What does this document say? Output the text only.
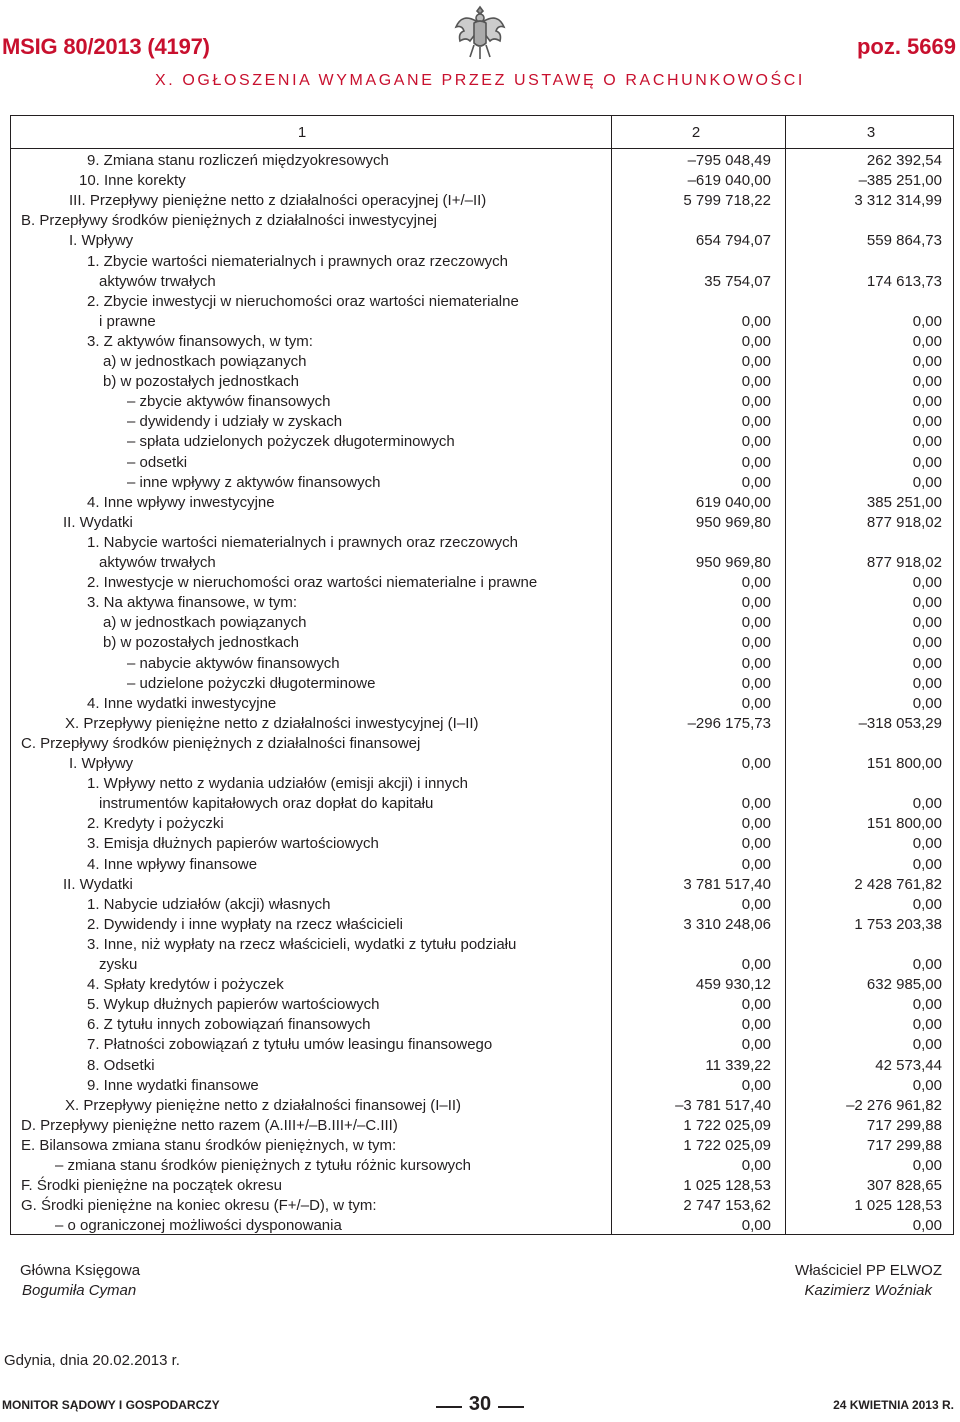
MSIG 80/2013 (4197)	poz. 5669
X. OGŁOSZENIA WYMAGANE PRZEZ USTAWĘ O RACHUNKOWOŚCI
1	2	3
9. Zmiana stanu rozliczeń międzyokresowych	–795 048,49	262 392,54
10. Inne korekty	–619 040,00	–385 251,00
III. Przepływy pieniężne netto z działalności operacyjnej (I+/–II)	5 799 718,22	3 312 314,99
B. Przepływy środków pieniężnych z działalności inwestycyjnej
I. Wpływy	654 794,07	559 864,73
1. Zbycie wartości niematerialnych i prawnych oraz rzeczowych
aktywów trwałych	35 754,07	174 613,73
2. Zbycie inwestycji w nieruchomości oraz wartości niematerialne
i prawne	0,00	0,00
3. Z aktywów finansowych, w tym:	0,00	0,00
a) w jednostkach powiązanych	0,00	0,00
b) w pozostałych jednostkach	0,00	0,00
– zbycie aktywów finansowych	0,00	0,00
– dywidendy i udziały w zyskach	0,00	0,00
– spłata udzielonych pożyczek długoterminowych	0,00	0,00
– odsetki	0,00	0,00
– inne wpływy z aktywów finansowych	0,00	0,00
4. Inne wpływy inwestycyjne	619 040,00	385 251,00
II. Wydatki	950 969,80	877 918,02
1. Nabycie wartości niematerialnych i prawnych oraz rzeczowych
aktywów trwałych	950 969,80	877 918,02
2. Inwestycje w nieruchomości oraz wartości niematerialne i prawne	0,00	0,00
3. Na aktywa finansowe, w tym:	0,00	0,00
a) w jednostkach powiązanych	0,00	0,00
b) w pozostałych jednostkach	0,00	0,00
– nabycie aktywów finansowych	0,00	0,00
– udzielone pożyczki długoterminowe	0,00	0,00
4. Inne wydatki inwestycyjne	0,00	0,00
X. Przepływy pieniężne netto z działalności inwestycyjnej (I–II)	–296 175,73	–318 053,29
C. Przepływy środków pieniężnych z działalności finansowej
I. Wpływy	0,00	151 800,00
1. Wpływy netto z wydania udziałów (emisji akcji) i innych
instrumentów kapitałowych oraz dopłat do kapitału	0,00	0,00
2. Kredyty i pożyczki	0,00	151 800,00
3. Emisja dłużnych papierów wartościowych	0,00	0,00
4. Inne wpływy finansowe	0,00	0,00
II. Wydatki	3 781 517,40	2 428 761,82
1. Nabycie udziałów (akcji) własnych	0,00	0,00
2. Dywidendy i inne wypłaty na rzecz właścicieli	3 310 248,06	1 753 203,38
3. Inne, niż wypłaty na rzecz właścicieli, wydatki z tytułu podziału
zysku	0,00	0,00
4. Spłaty kredytów i pożyczek	459 930,12	632 985,00
5. Wykup dłużnych papierów wartościowych	0,00	0,00
6. Z tytułu innych zobowiązań finansowych	0,00	0,00
7. Płatności zobowiązań z tytułu umów leasingu finansowego	0,00	0,00
8. Odsetki	11 339,22	42 573,44
9. Inne wydatki finansowe	0,00	0,00
X. Przepływy pieniężne netto z działalności finansowej (I–II)	–3 781 517,40	–2 276 961,82
D. Przepływy pieniężne netto razem (A.III+/–B.III+/–C.III)	1 722 025,09	717 299,88
E. Bilansowa zmiana stanu środków pieniężnych, w tym:	1 722 025,09	717 299,88
– zmiana stanu środków pieniężnych z tytułu różnic kursowych	0,00	0,00
F. Środki pieniężne na początek okresu	1 025 128,53	307 828,65
G. Środki pieniężne na koniec okresu (F+/–D), w tym:	2 747 153,62	1 025 128,53
– o ograniczonej możliwości dysponowania	0,00	0,00
Główna Księgowa
Bogumiła Cyman
Właściciel PP ELWOZ
Kazimierz Woźniak
Gdynia, dnia 20.02.2013 r.
MONITOR SĄDOWY I GOSPODARCZY	30	24 KWIETNIA 2013 R.
